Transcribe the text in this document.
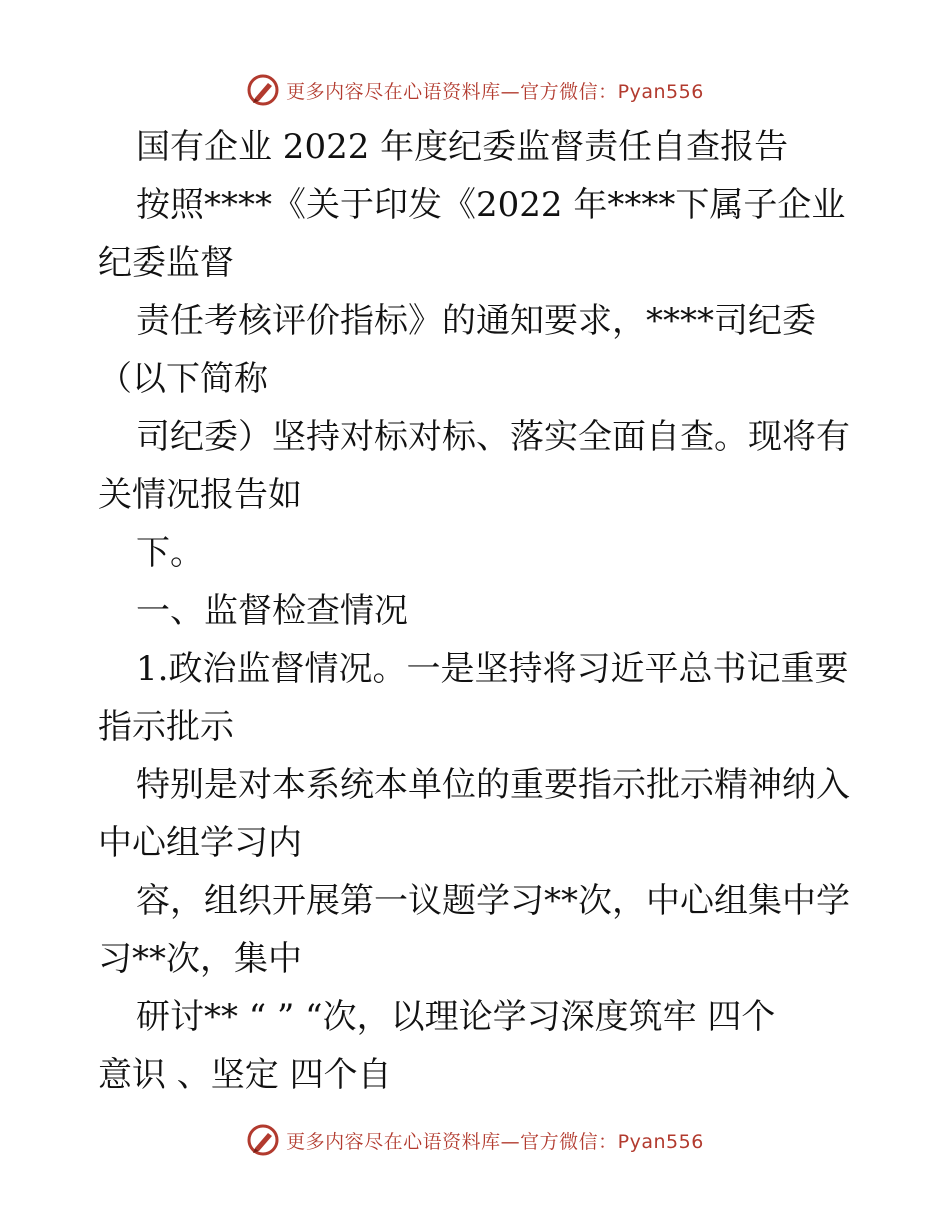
更多内容尽在心语资料库—官方微信：Pyan556
国有企业 2022 年度纪委监督责任自查报告
按照****《关于印发《2022 年****下属子企业
纪委监督
责任考核评价指标》的通知要求，****司纪委
（以下简称
司纪委）坚持对标对标、落实全面自查。现将有
关情况报告如
下。
一、监督检查情况
1.政治监督情况。一是坚持将习近平总书记重要
指示批示
特别是对本系统本单位的重要指示批示精神纳入
中心组学习内
容，组织开展第一议题学习**次，中心组集中学
习**次，集中
研讨** “ ” “次，以理论学习深度筑牢 四个
意识 、坚定 四个自
更多内容尽在心语资料库—官方微信：Pyan556
